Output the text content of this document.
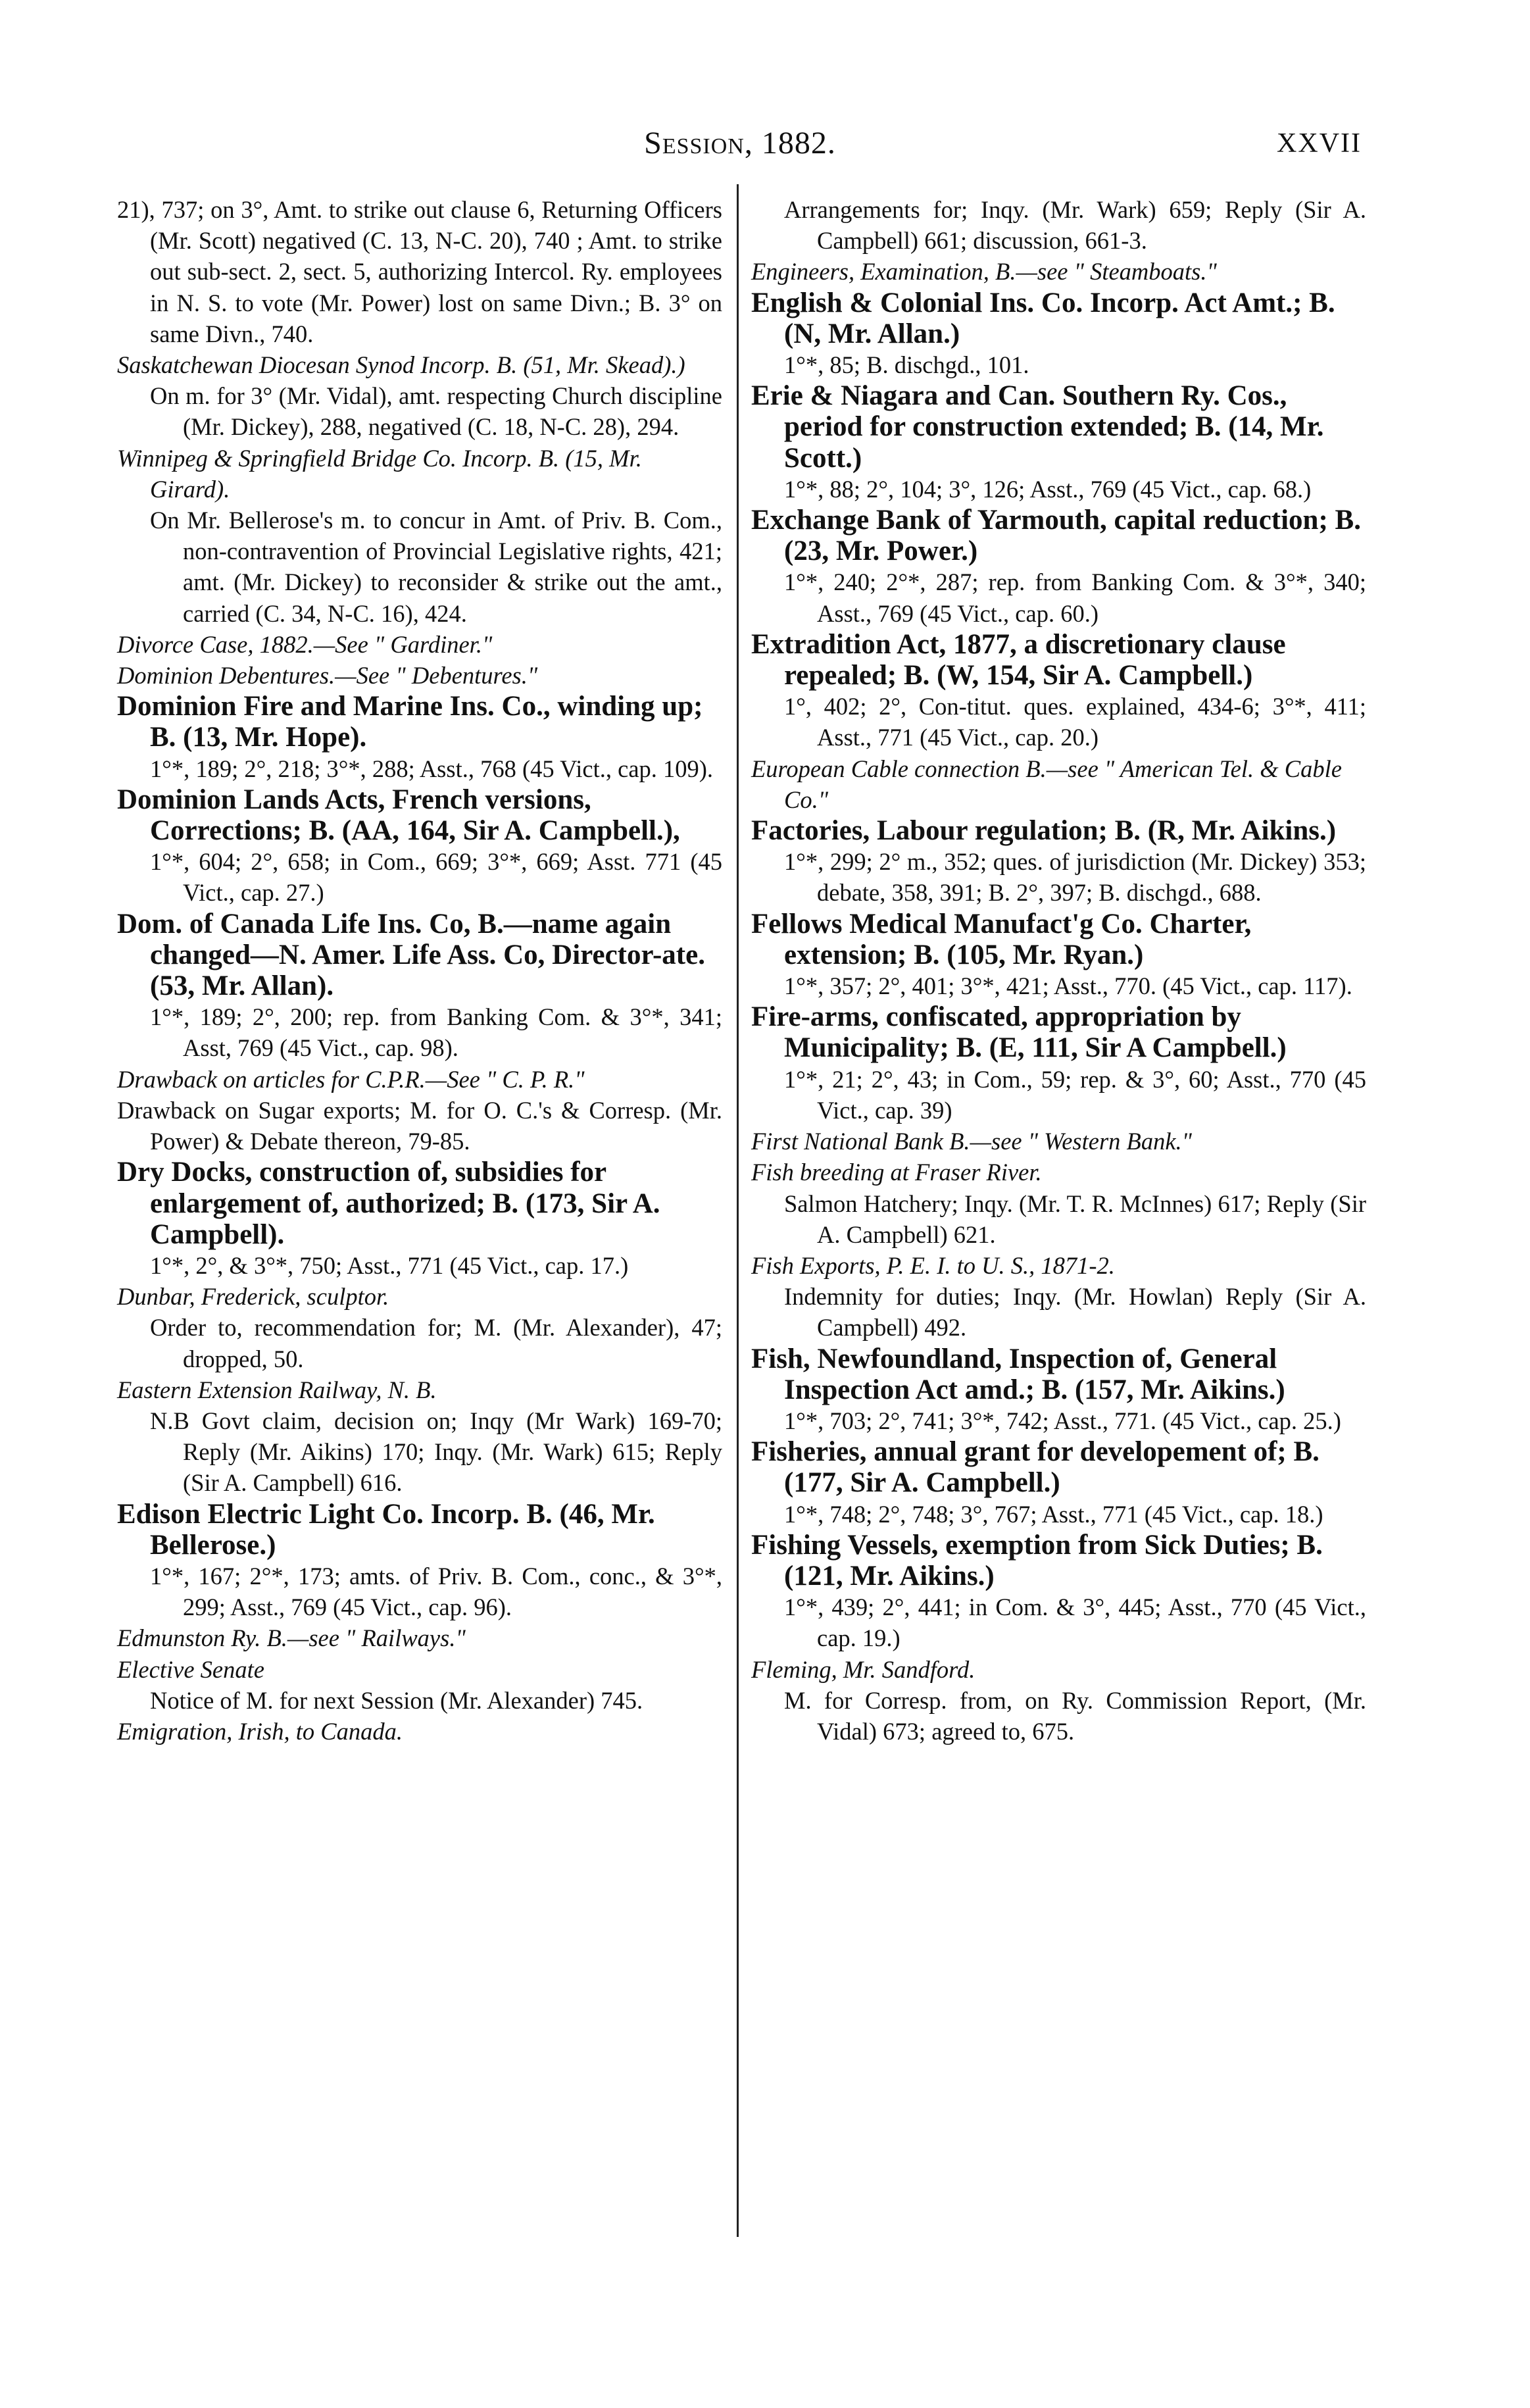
Session, 1882.	XXVII

21), 737; on 3°, Amt. to strike out clause 6, Returning Officers (Mr. Scott) negatived (C. 13, N-C. 20), 740 ; Amt. to strike out sub-sect. 2, sect. 5, authorizing Intercol. Ry. employees in N. S. to vote (Mr. Power) lost on same Divn.; B. 3° on same Divn., 740.

Saskatchewan Diocesan Synod Incorp. B. (51, Mr. Skead).)

On m. for 3° (Mr. Vidal), amt. respecting Church discipline (Mr. Dickey), 288, negatived (C. 18, N-C. 28), 294.

Winnipeg & Springfield Bridge Co. Incorp. B. (15, Mr. Girard).

On Mr. Bellerose's m. to concur in Amt. of Priv. B. Com., non-contravention of Provincial Legislative rights, 421; amt. (Mr. Dickey) to reconsider & strike out the amt., carried (C. 34, N-C. 16), 424.

Divorce Case, 1882.—See " Gardiner."

Dominion Debentures.—See " Debentures."

Dominion Fire and Marine Ins. Co., winding up; B. (13, Mr. Hope).

1°*, 189; 2°, 218; 3°*, 288; Asst., 768 (45 Vict., cap. 109).

Dominion Lands Acts, French versions, Corrections; B. (AA, 164, Sir A. Campbell.),

1°*, 604; 2°, 658; in Com., 669; 3°*, 669; Asst. 771 (45 Vict., cap. 27.)

Dom. of Canada Life Ins. Co, B.—name again changed—N. Amer. Life Ass. Co, Director-ate. (53, Mr. Allan).

1°*, 189; 2°, 200; rep. from Banking Com. & 3°*, 341; Asst, 769 (45 Vict., cap. 98).

Drawback on articles for C.P.R.—See " C. P. R."

Drawback on Sugar exports; M. for O. C.'s & Corresp. (Mr. Power) & Debate thereon, 79-85.

Dry Docks, construction of, subsidies for enlargement of, authorized; B. (173, Sir A. Campbell).

1°*, 2°, & 3°*, 750; Asst., 771 (45 Vict., cap. 17.)

Dunbar, Frederick, sculptor.

Order to, recommendation for; M. (Mr. Alexander), 47; dropped, 50.

Eastern Extension Railway, N. B.

N.B Govt claim, decision on; Inqy (Mr Wark) 169-70; Reply (Mr. Aikins) 170; Inqy. (Mr. Wark) 615; Reply (Sir A. Campbell) 616.

Edison Electric Light Co. Incorp. B. (46, Mr. Bellerose.)

1°*, 167; 2°*, 173; amts. of Priv. B. Com., conc., & 3°*, 299; Asst., 769 (45 Vict., cap. 96).

Edmunston Ry. B.—see " Railways."

Elective Senate

Notice of M. for next Session (Mr. Alexander) 745.

Emigration, Irish, to Canada.

Arrangements for; Inqy. (Mr. Wark) 659; Reply (Sir A. Campbell) 661; discussion, 661-3.

Engineers, Examination, B.—see " Steamboats."

English & Colonial Ins. Co. Incorp. Act Amt.; B. (N, Mr. Allan.)

1°*, 85; B. dischgd., 101.

Erie & Niagara and Can. Southern Ry. Cos., period for construction extended; B. (14, Mr. Scott.)

1°*, 88; 2°, 104; 3°, 126; Asst., 769 (45 Vict., cap. 68.)

Exchange Bank of Yarmouth, capital reduction; B. (23, Mr. Power.)

1°*, 240; 2°*, 287; rep. from Banking Com. & 3°*, 340; Asst., 769 (45 Vict., cap. 60.)

Extradition Act, 1877, a discretionary clause repealed; B. (W, 154, Sir A. Campbell.)

1°, 402; 2°, Con-titut. ques. explained, 434-6; 3°*, 411; Asst., 771 (45 Vict., cap. 20.)

European Cable connection B.—see " American Tel. & Cable Co."

Factories, Labour regulation; B. (R, Mr. Aikins.)

1°*, 299; 2° m., 352; ques. of jurisdiction (Mr. Dickey) 353; debate, 358, 391; B. 2°, 397; B. dischgd., 688.

Fellows Medical Manufact'g Co. Charter, extension; B. (105, Mr. Ryan.)

1°*, 357; 2°, 401; 3°*, 421; Asst., 770. (45 Vict., cap. 117).

Fire-arms, confiscated, appropriation by Municipality; B. (E, 111, Sir A Campbell.)

1°*, 21; 2°, 43; in Com., 59; rep. & 3°, 60; Asst., 770 (45 Vict., cap. 39)

First National Bank B.—see " Western Bank."

Fish breeding at Fraser River.

Salmon Hatchery; Inqy. (Mr. T. R. McInnes) 617; Reply (Sir A. Campbell) 621.

Fish Exports, P. E. I. to U. S., 1871-2.

Indemnity for duties; Inqy. (Mr. Howlan) Reply (Sir A. Campbell) 492.

Fish, Newfoundland, Inspection of, General Inspection Act amd.; B. (157, Mr. Aikins.)

1°*, 703; 2°, 741; 3°*, 742; Asst., 771. (45 Vict., cap. 25.)

Fisheries, annual grant for developement of; B. (177, Sir A. Campbell.)

1°*, 748; 2°, 748; 3°, 767; Asst., 771 (45 Vict., cap. 18.)

Fishing Vessels, exemption from Sick Duties; B. (121, Mr. Aikins.)

1°*, 439; 2°, 441; in Com. & 3°, 445; Asst., 770 (45 Vict., cap. 19.)

Fleming, Mr. Sandford.

M. for Corresp. from, on Ry. Commission Report, (Mr. Vidal) 673; agreed to, 675.
